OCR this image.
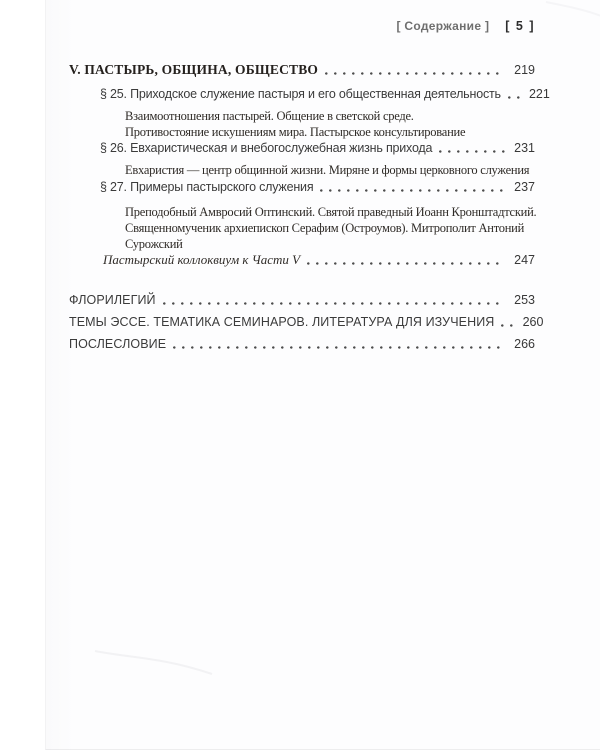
[ Содержание ] [ 5 ]
V. ПАСТЫРЬ, ОБЩИНА, ОБЩЕСТВО	219
§ 25. Приходское служение пастыря и его общественная деятельность	221
Взаимоотношения пастырей. Общение в светской среде.
Противостояние искушениям мира. Пастырское консультирование
§ 26. Евхаристическая и внебогослужебная жизнь прихода	231
Евхаристия — центр общинной жизни. Миряне и формы церковного служения
§ 27. Примеры пастырского служения	237
Преподобный Амвросий Оптинский. Святой праведный Иоанн Кронштадтский.
Священномученик архиепископ Серафим (Остроумов). Митрополит Антоний
Сурожский
Пастырский коллоквиум к Части V	247
ФЛОРИЛЕГИЙ	253
ТЕМЫ ЭССЕ. ТЕМАТИКА СЕМИНАРОВ. ЛИТЕРАТУРА ДЛЯ ИЗУЧЕНИЯ	260
ПОСЛЕСЛОВИЕ	266
